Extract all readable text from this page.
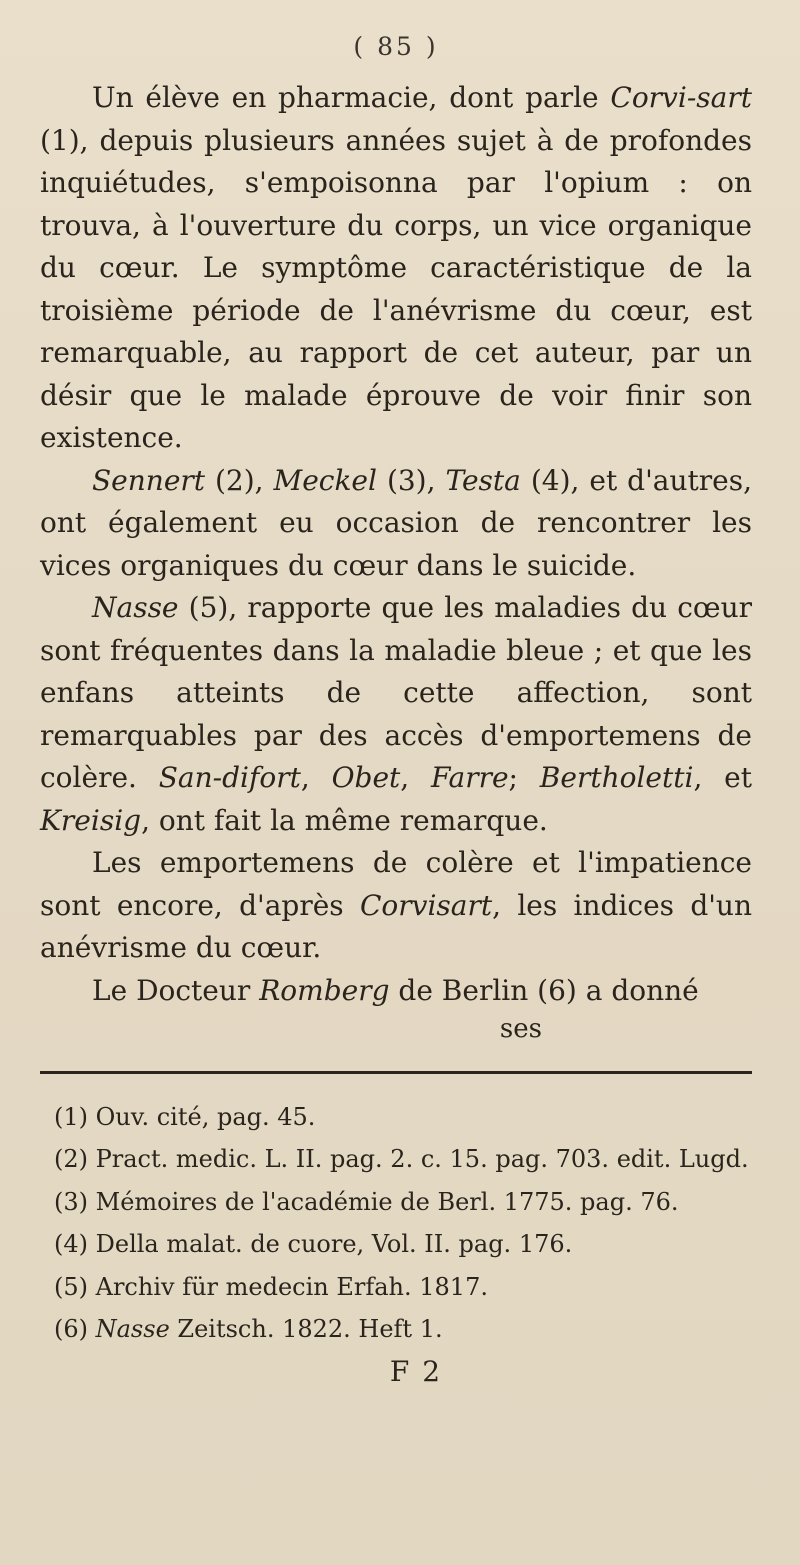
( 85 )

Un élève en pharmacie, dont parle Corvi-sart (1), depuis plusieurs années sujet à de profondes inquiétudes, s'empoisonna par l'opium : on trouva, à l'ouverture du corps, un vice organique du cœur. Le symptôme caractéristique de la troisième période de l'anévrisme du cœur, est remarquable, au rapport de cet auteur, par un désir que le malade éprouve de voir finir son existence.

Sennert (2), Meckel (3), Testa (4), et d'autres, ont également eu occasion de rencontrer les vices organiques du cœur dans le suicide.

Nasse (5), rapporte que les maladies du cœur sont fréquentes dans la maladie bleue ; et que les enfans atteints de cette affection, sont remarquables par des accès d'emportemens de colère. San-difort, Obet, Farre; Bertholetti, et Kreisig, ont fait la même remarque.

Les emportemens de colère et l'impatience sont encore, d'après Corvisart, les indices d'un anévrisme du cœur.

Le Docteur Romberg de Berlin (6) a donné

ses

(1) Ouv. cité, pag. 45.

(2) Pract. medic. L. II. pag. 2. c. 15. pag. 703. edit. Lugd.

(3) Mémoires de l'académie de Berl. 1775. pag. 76.

(4) Della malat. de cuore, Vol. II. pag. 176.

(5) Archiv für medecin Erfah. 1817.

(6) Nasse Zeitsch. 1822. Heft 1.

F 2
